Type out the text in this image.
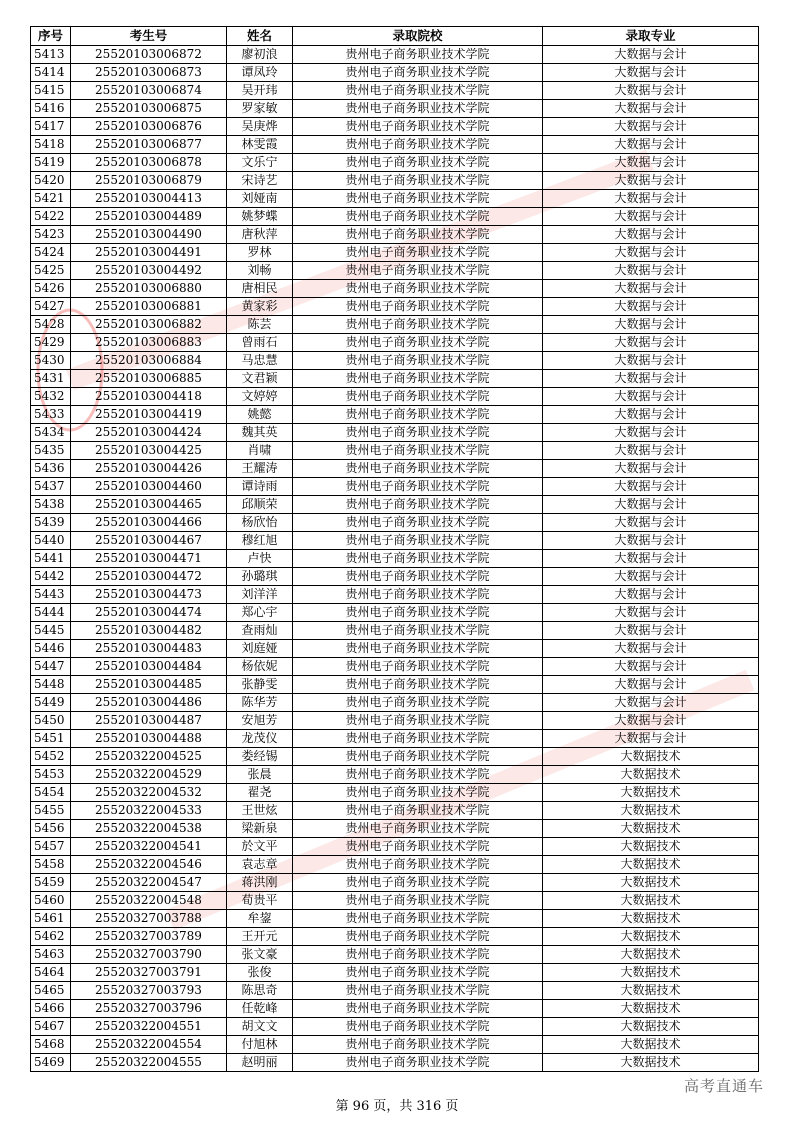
序号	考生号	姓名	录取院校	录取专业
5413	25520103006872	廖初浪	贵州电子商务职业技术学院	大数据与会计
5414	25520103006873	谭凤玲	贵州电子商务职业技术学院	大数据与会计
5415	25520103006874	吴开玮	贵州电子商务职业技术学院	大数据与会计
5416	25520103006875	罗家敏	贵州电子商务职业技术学院	大数据与会计
5417	25520103006876	吴庚烨	贵州电子商务职业技术学院	大数据与会计
5418	25520103006877	林雯霞	贵州电子商务职业技术学院	大数据与会计
5419	25520103006878	文乐宁	贵州电子商务职业技术学院	大数据与会计
5420	25520103006879	宋诗艺	贵州电子商务职业技术学院	大数据与会计
5421	25520103004413	刘娅南	贵州电子商务职业技术学院	大数据与会计
5422	25520103004489	姚梦蝶	贵州电子商务职业技术学院	大数据与会计
5423	25520103004490	唐秋萍	贵州电子商务职业技术学院	大数据与会计
5424	25520103004491	罗林	贵州电子商务职业技术学院	大数据与会计
5425	25520103004492	刘畅	贵州电子商务职业技术学院	大数据与会计
5426	25520103006880	唐相民	贵州电子商务职业技术学院	大数据与会计
5427	25520103006881	黄家彩	贵州电子商务职业技术学院	大数据与会计
5428	25520103006882	陈芸	贵州电子商务职业技术学院	大数据与会计
5429	25520103006883	曾雨石	贵州电子商务职业技术学院	大数据与会计
5430	25520103006884	马忠慧	贵州电子商务职业技术学院	大数据与会计
5431	25520103006885	文君颖	贵州电子商务职业技术学院	大数据与会计
5432	25520103004418	文婷婷	贵州电子商务职业技术学院	大数据与会计
5433	25520103004419	姚懿	贵州电子商务职业技术学院	大数据与会计
5434	25520103004424	魏其英	贵州电子商务职业技术学院	大数据与会计
5435	25520103004425	肖啸	贵州电子商务职业技术学院	大数据与会计
5436	25520103004426	王耀涛	贵州电子商务职业技术学院	大数据与会计
5437	25520103004460	谭诗雨	贵州电子商务职业技术学院	大数据与会计
5438	25520103004465	邱顺荣	贵州电子商务职业技术学院	大数据与会计
5439	25520103004466	杨欣怡	贵州电子商务职业技术学院	大数据与会计
5440	25520103004467	穆红旭	贵州电子商务职业技术学院	大数据与会计
5441	25520103004471	卢快	贵州电子商务职业技术学院	大数据与会计
5442	25520103004472	孙璐琪	贵州电子商务职业技术学院	大数据与会计
5443	25520103004473	刘洋洋	贵州电子商务职业技术学院	大数据与会计
5444	25520103004474	郑心宇	贵州电子商务职业技术学院	大数据与会计
5445	25520103004482	查雨灿	贵州电子商务职业技术学院	大数据与会计
5446	25520103004483	刘庭娅	贵州电子商务职业技术学院	大数据与会计
5447	25520103004484	杨依妮	贵州电子商务职业技术学院	大数据与会计
5448	25520103004485	张静雯	贵州电子商务职业技术学院	大数据与会计
5449	25520103004486	陈华芳	贵州电子商务职业技术学院	大数据与会计
5450	25520103004487	安旭芳	贵州电子商务职业技术学院	大数据与会计
5451	25520103004488	龙茂仪	贵州电子商务职业技术学院	大数据与会计
5452	25520322004525	娄经锡	贵州电子商务职业技术学院	大数据技术
5453	25520322004529	张晨	贵州电子商务职业技术学院	大数据技术
5454	25520322004532	翟尧	贵州电子商务职业技术学院	大数据技术
5455	25520322004533	王世炫	贵州电子商务职业技术学院	大数据技术
5456	25520322004538	梁新泉	贵州电子商务职业技术学院	大数据技术
5457	25520322004541	於文平	贵州电子商务职业技术学院	大数据技术
5458	25520322004546	袁志章	贵州电子商务职业技术学院	大数据技术
5459	25520322004547	蒋洪刚	贵州电子商务职业技术学院	大数据技术
5460	25520322004548	荀贵平	贵州电子商务职业技术学院	大数据技术
5461	25520327003788	牟鋆	贵州电子商务职业技术学院	大数据技术
5462	25520327003789	王开元	贵州电子商务职业技术学院	大数据技术
5463	25520327003790	张文豪	贵州电子商务职业技术学院	大数据技术
5464	25520327003791	张俊	贵州电子商务职业技术学院	大数据技术
5465	25520327003793	陈思奇	贵州电子商务职业技术学院	大数据技术
5466	25520327003796	任乾峰	贵州电子商务职业技术学院	大数据技术
5467	25520322004551	胡文文	贵州电子商务职业技术学院	大数据技术
5468	25520322004554	付旭林	贵州电子商务职业技术学院	大数据技术
5469	25520322004555	赵明丽	贵州电子商务职业技术学院	大数据技术
第 96 页，共 316 页
高考直通车
